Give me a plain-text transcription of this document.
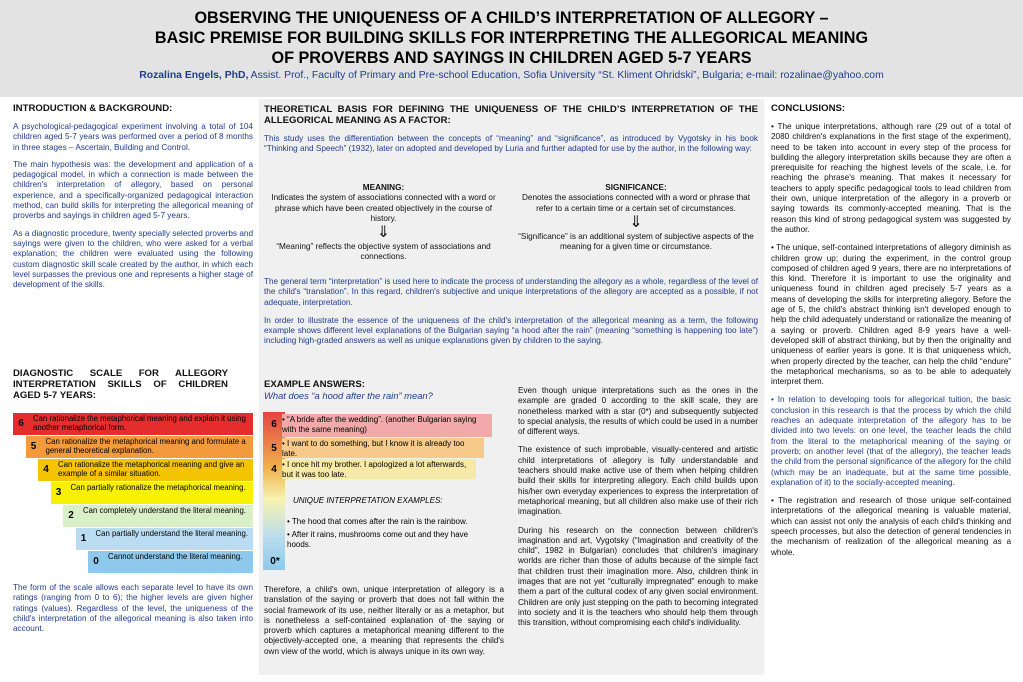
OBSERVING THE UNIQUENESS OF A CHILD’S INTERPRETATION OF ALLEGORY –
BASIC PREMISE FOR BUILDING SKILLS FOR INTERPRETING THE ALLEGORICAL MEANING
OF PROVERBS AND SAYINGS IN CHILDREN AGED 5-7 YEARS
Rozalina Engels, PhD, Assist. Prof., Faculty of Primary and Pre-school Education, Sofia University “St. Kliment Ohridski”, Bulgaria; e-mail: rozalinae@yahoo.com
INTRODUCTION & BACKGROUND:

A psychological-pedagogical experiment involving a total of 104 children aged 5-7 years was performed over a period of 8 months in three stages – Ascertain, Building and Control.

The main hypothesis was: the development and application of a pedagogical model, in which a connection is made between the children's interpretation of allegory, based on personal experience, and a specifically-organized pedagogical interaction method, can build skills for interpreting the allegorical meaning of proverbs and sayings in children aged 5-7 years.

As a diagnostic procedure, twenty specially selected proverbs and sayings were given to the children, who were asked for a verbal explanation; the children were evaluated using the following custom diagnostic skill scale created by the author, in which each level surpasses the previous one and represents a higher stage of development of the skills.

DIAGNOSTIC SCALE FOR ALLEGORY INTERPRETATION SKILLS OF CHILDREN AGED 5-7 YEARS:
6	Can rationalize the metaphorical meaning and explain it using another metaphorical form.
5	Can rationalize the metaphorical meaning and formulate a general theoretical explanation.
4	Can rationalize the metaphorical meaning and give an example of a similar situation.
3	Can partially rationalize the metaphorical meaning.
2	Can completely understand the literal meaning.
1	Can partially understand the literal meaning.
0	Cannot understand the literal meaning.
The form of the scale allows each separate level to have its own ratings (ranging from 0 to 6); the higher levels are given higher ratings (values). Regardless of the level, the uniqueness of the child's interpretation of the allegorical meaning is also taken into account.
THEORETICAL BASIS FOR DEFINING THE UNIQUENESS OF THE CHILD’S INTERPRETATION OF THE ALLEGORICAL MEANING AS A FACTOR:

This study uses the differentiation between the concepts of “meaning” and “significance”, as introduced by Vygotsky in his book “Thinking and Speech” (1932), later on adopted and developed by Luria and further adapted for use by the author, in the following way:

MEANING:
Indicates the system of associations connected with a word or phrase which have been created objectively in the course of history.
⇓
“Meaning” reflects the objective system of associations and connections.
SIGNIFICANCE:
Denotes the associations connected with a word or phrase that refer to a certain time or a certain set of circumstances.
⇓
“Significance” is an additional system of subjective aspects of the meaning for a given time or circumstance.

The general term “interpretation” is used here to indicate the process of understanding the allegory as a whole, regardless of the level of the child's “translation”. In this regard, children's subjective and unique interpretations of the allegory are accepted as a possible, if not adequate, interpretation.

In order to illustrate the essence of the uniqueness of the child's interpretation of the allegorical meaning as a term, the following example shows different level explanations of the Bulgarian saying “a hood after the rain” (meaning “something is happening too late”) including high-graded answers as well as unique explanations given by children to the saying.

EXAMPLE ANSWERS:
What does “a hood after the rain” mean?
6 • “A bride after the wedding”. (another Bulgarian saying with the same meaning)
5 • I want to do something, but I know it is already too late.
4 • I once hit my brother. I apologized a lot afterwards, but it was too late.
UNIQUE INTERPRETATION EXAMPLES:
• The hood that comes after the rain is the rainbow.
• After it rains, mushrooms come out and they have hoods.
0*
Therefore, a child's own, unique interpretation of allegory is a translation of the saying or proverb that does not fall within the social framework of its use, neither literally or as a metaphor, but is nonetheless a self-contained explanation of the saying or proverb which captures a metaphorical meaning different to the objectively-accepted one, a meaning that represents the child's own view of the world, which is always unique in its own way.

Even though unique interpretations such as the ones in the example are graded 0 according to the skill scale, they are nonetheless marked with a star (0*) and subsequently subjected to special analysis, the results of which could be used in a number of different ways.

The existence of such improbable, visually-centered and artistic child interpretations of allegory is fully understandable and teachers should make active use of them when helping children build their skills for interpreting allegory. Each child builds upon his/her own everyday experiences to express the interpretation of metaphorical meaning, but all children also make use of their rich imagination.

During his research on the connection between children's imagination and art, Vygotsky (“Imagination and creativity of the child”, 1982 in Bulgarian) concludes that children's imaginary worlds are richer than those of adults because of the simple fact that children trust their imagination more. Also, children think in images that are not yet “culturally impregnated” enough to make them a part of the cultural codex of any given social environment. Children are only just stepping on the path to becoming integrated into society and it is the teachers who should help them through this transition, without compromising each child's individuality.

CONCLUSIONS:
• The unique interpretations, although rare (29 out of a total of 2080 children's explanations in the first stage of the experiment), need to be taken into account in every step of the process for building the allegory interpretation skills because they are often a prerequisite for reaching the highest levels of the scale, i.e. for reaching the phrase's meaning. That makes it necessary for teachers to apply specific pedagogical tools to lead children from their own, unique interpretation of the allegory in a proverb or saying towards its commonly-accepted meaning. That is the reason this kind of strong pedagogical system was suggested by the author.
• The unique, self-contained interpretations of allegory diminish as children grow up; during the experiment, in the control group composed of children aged 9 years, there are no interpretations of this kind. Therefore it is important to use the originality and uniqueness found in children aged precisely 5-7 years as a means of developing the skills for interpreting allegory. Before the age of 5, the child's abstract thinking isn't developed enough to help the child adequately understand or rationalize the meaning of a saying or proverb. Children aged 8-9 years have a well-developed skill of abstract thinking, but by then the originality and uniqueness of earlier years is gone. It is that uniqueness which, when properly directed by the teacher, can help the child “endure” the metaphorical mechanisms, so as to be able to adequately interpret them.
• In relation to developing tools for allegorical tuition, the basic conclusion in this research is that the process by which the child reaches an adequate interpretation of the allegory has to be divided into two levels: on one level, the teacher leads the child from the literal to the metaphorical meaning of the saying or proverb; on another level (that of the allegory), the teacher leads the child from the personal significance of the allegory for the child (which may be an inadequate, but at the same time possible, explanation of it) to the socially-accepted meaning.
• The registration and research of those unique self-contained interpretations of the allegorical meaning is valuable material, which can assist not only the analysis of each child's thinking and speech processes, but also the detection of general tendencies in the mechanism of realization of the allegorical meaning as a whole.
